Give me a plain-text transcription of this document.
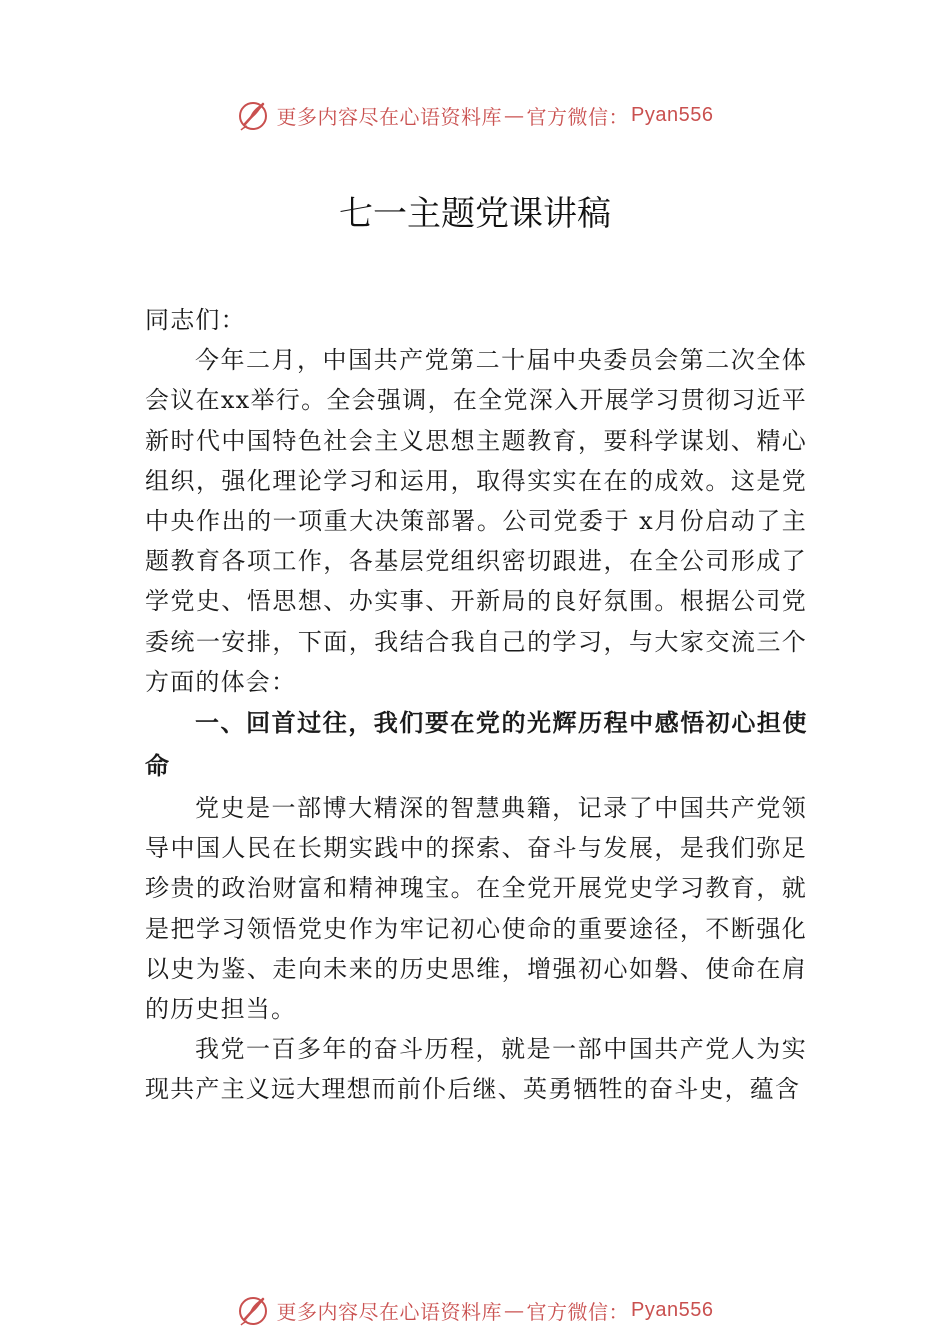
更多内容尽在心语资料库 — 官方微信： Pyan556
七一主题党课讲稿

同志们：

今年二月，中国共产党第二十届中央委员会第二次全体会议在xx举行。全会强调，在全党深入开展学习贯彻习近平新时代中国特色社会主义思想主题教育，要科学谋划、精心组织，强化理论学习和运用，取得实实在在的成效。这是党中央作出的一项重大决策部署。公司党委于 x月份启动了主题教育各项工作，各基层党组织密切跟进，在全公司形成了学党史、悟思想、办实事、开新局的良好氛围。根据公司党委统一安排，下面，我结合我自己的学习，与大家交流三个方面的体会：

一、回首过往，我们要在党的光辉历程中感悟初心担使命

党史是一部博大精深的智慧典籍，记录了中国共产党领导中国人民在长期实践中的探索、奋斗与发展，是我们弥足珍贵的政治财富和精神瑰宝。在全党开展党史学习教育，就是把学习领悟党史作为牢记初心使命的重要途径，不断强化以史为鉴、走向未来的历史思维，增强初心如磐、使命在肩的历史担当。

我党一百多年的奋斗历程，就是一部中国共产党人为实现共产主义远大理想而前仆后继、英勇牺牲的奋斗史，蕴含

更多内容尽在心语资料库 — 官方微信： Pyan556
